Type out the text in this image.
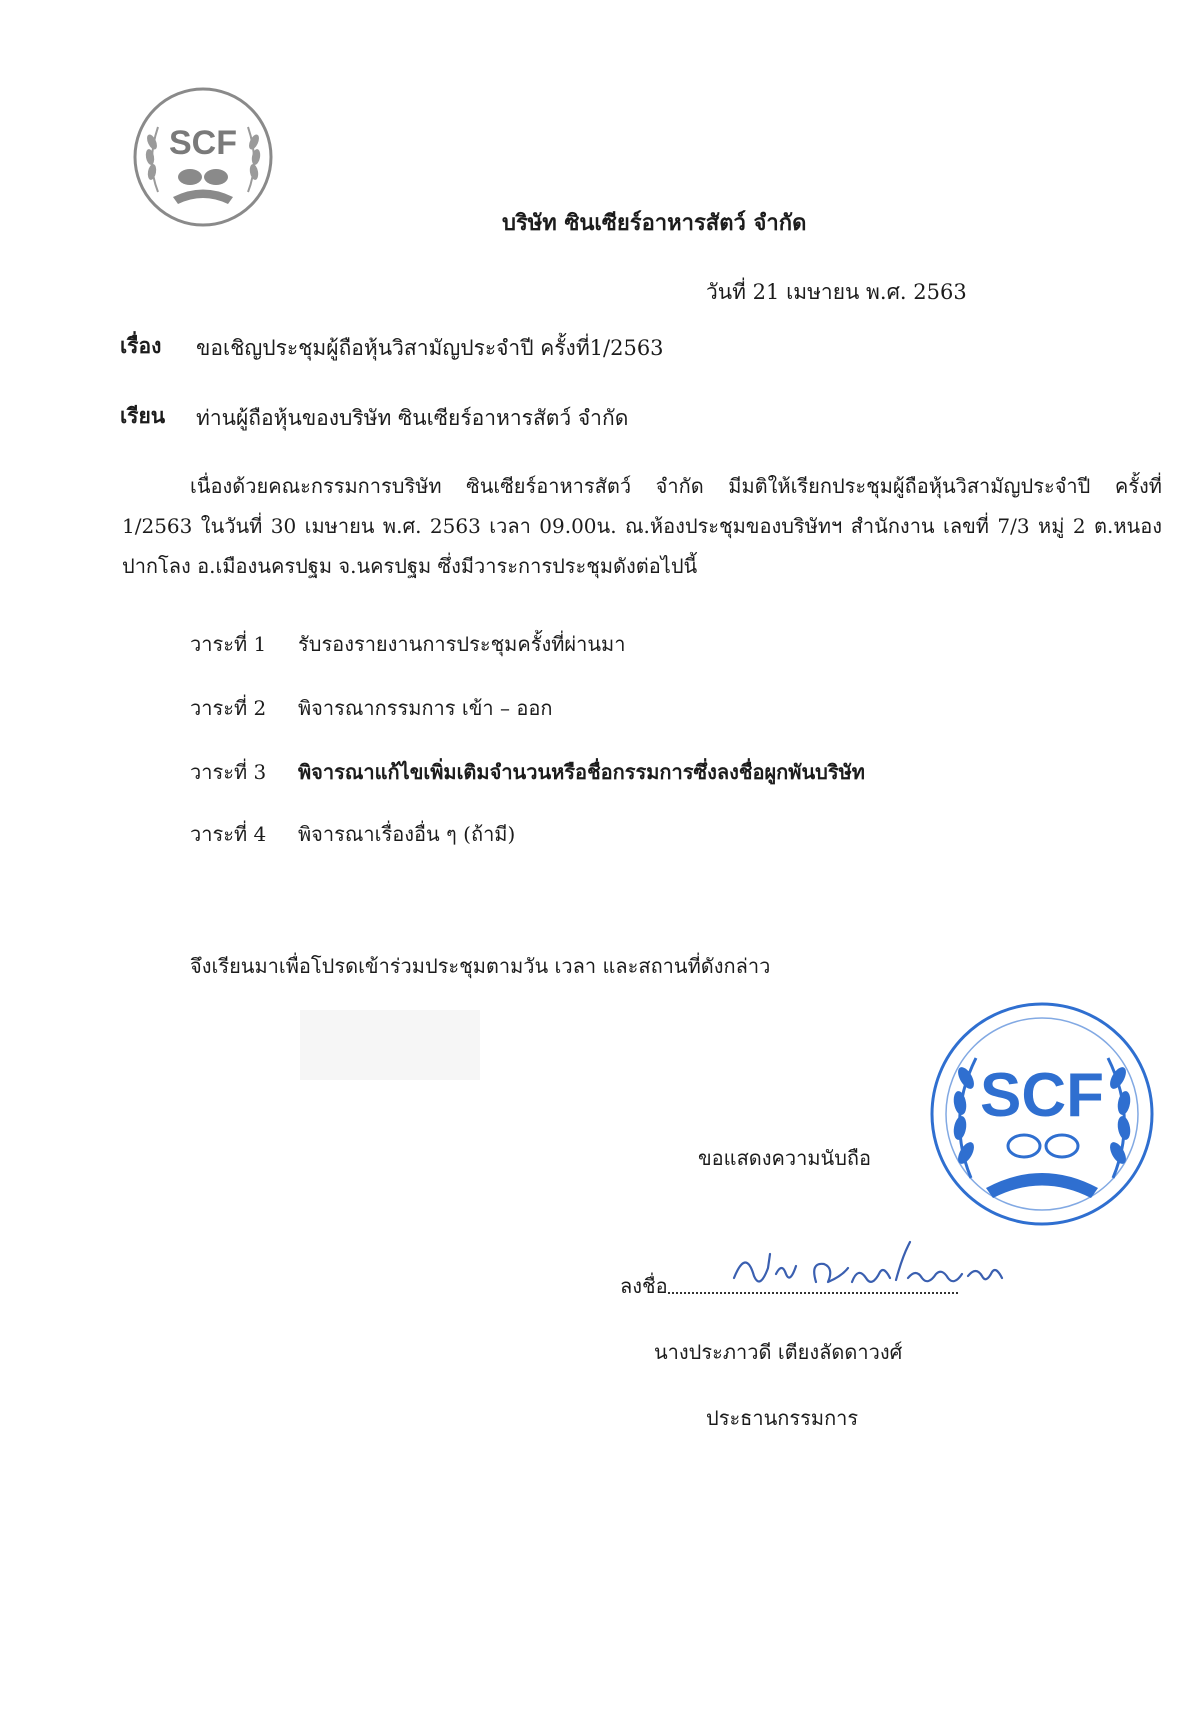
SCF
บริษัท ซินเซียร์อาหารสัตว์ จำกัด
วันที่ 21 เมษายน พ.ศ. 2563
เรื่อง ขอเชิญประชุมผู้ถือหุ้นวิสามัญประจำปี ครั้งที่1/2563
เรียน ท่านผู้ถือหุ้นของบริษัท ซินเซียร์อาหารสัตว์ จำกัด
เนื่องด้วยคณะกรรมการบริษัท ซินเซียร์อาหารสัตว์ จำกัด มีมติให้เรียกประชุมผู้ถือหุ้นวิสามัญประจำปี ครั้งที่ 1/2563 ในวันที่ 30 เมษายน พ.ศ. 2563 เวลา 09.00น. ณ.ห้องประชุมของบริษัทฯ สำนักงาน เลขที่ 7/3 หมู่ 2 ต.หนองปากโลง อ.เมืองนครปฐม จ.นครปฐม ซึ่งมีวาระการประชุมดังต่อไปนี้
วาระที่ 1 รับรองรายงานการประชุมครั้งที่ผ่านมา
วาระที่ 2 พิจารณากรรมการ เข้า – ออก
วาระที่ 3 พิจารณาแก้ไขเพิ่มเติมจำนวนหรือชื่อกรรมการซึ่งลงชื่อผูกพันบริษัท
วาระที่ 4 พิจารณาเรื่องอื่น ๆ (ถ้ามี)
จึงเรียนมาเพื่อโปรดเข้าร่วมประชุมตามวัน เวลา และสถานที่ดังกล่าว
SCF
ขอแสดงความนับถือ
ลงชื่อ
นางประภาวดี เตียงลัดดาวงศ์
ประธานกรรมการ
